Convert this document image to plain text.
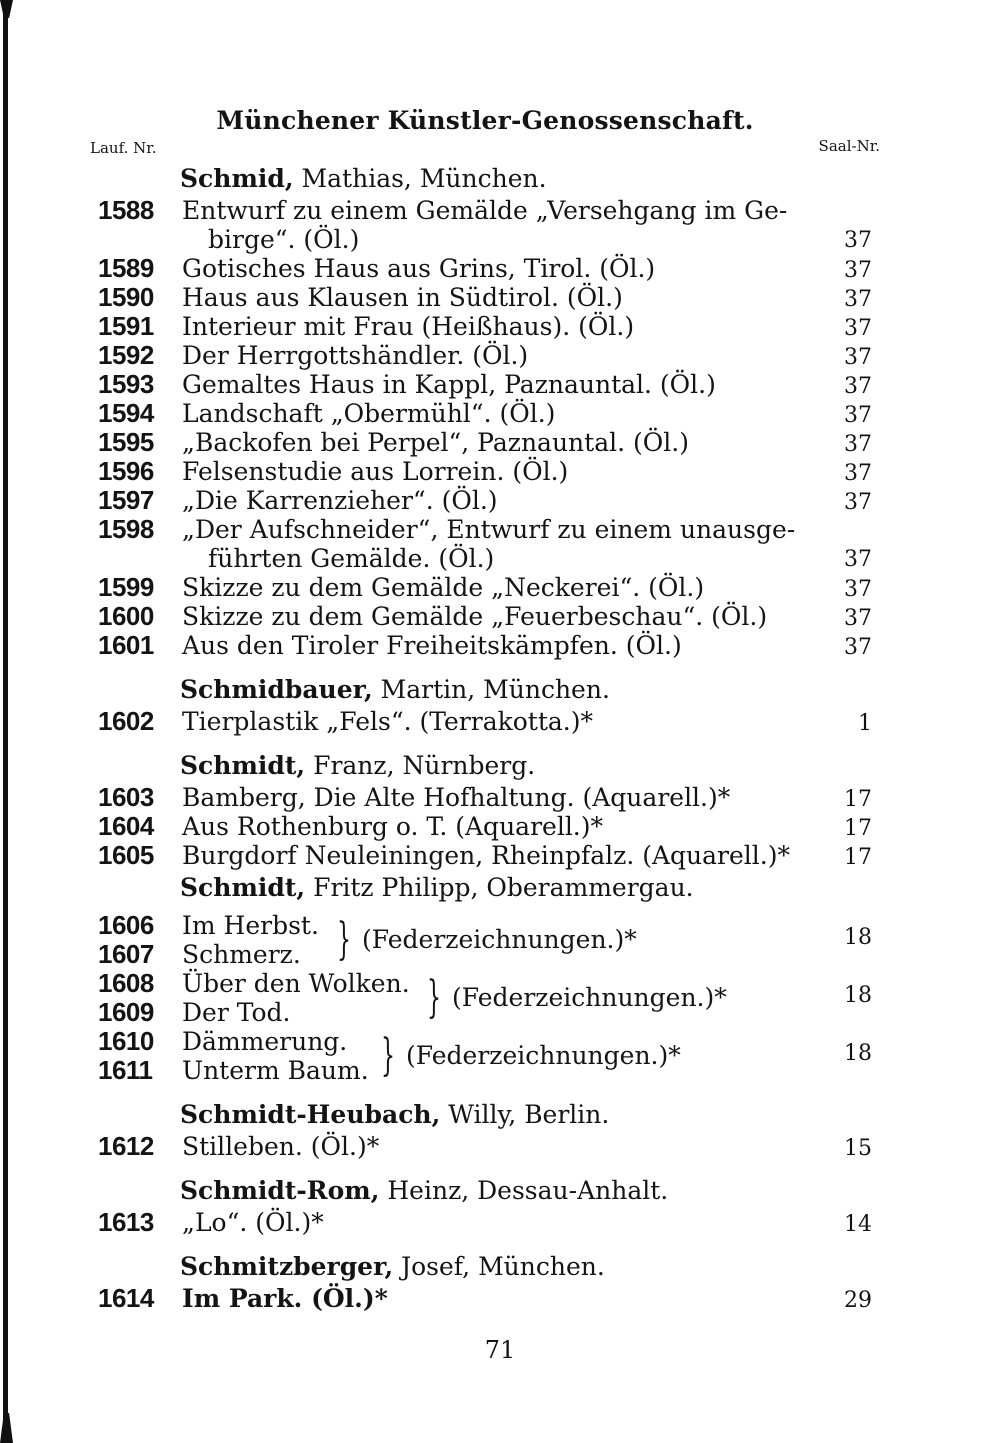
Münchener Künstler-Genossenschaft.
Lauf. Nr.	Saal-Nr.
Schmid, Mathias, München.
1588 Entwurf zu einem Gemälde „Versehgang im Ge-
birge“. (Öl.)	37
1589 Gotisches Haus aus Grins, Tirol. (Öl.)	37
1590 Haus aus Klausen in Südtirol. (Öl.)	37
1591 Interieur mit Frau (Heißhaus). (Öl.)	37
1592 Der Herrgottshändler. (Öl.)	37
1593 Gemaltes Haus in Kappl, Paznauntal. (Öl.)	37
1594 Landschaft „Obermühl“. (Öl.)	37
1595 „Backofen bei Perpel“, Paznauntal. (Öl.)	37
1596 Felsenstudie aus Lorrein. (Öl.)	37
1597 „Die Karrenzieher“. (Öl.)	37
1598 „Der Aufschneider“, Entwurf zu einem unausge-
führten Gemälde. (Öl.)	37
1599 Skizze zu dem Gemälde „Neckerei“. (Öl.)	37
1600 Skizze zu dem Gemälde „Feuerbeschau“. (Öl.)	37
1601 Aus den Tiroler Freiheitskämpfen. (Öl.)	37
Schmidbauer, Martin, München.
1602 Tierplastik „Fels“. (Terrakotta.)*	1
Schmidt, Franz, Nürnberg.
1603 Bamberg, Die Alte Hofhaltung. (Aquarell.)*	17
1604 Aus Rothenburg o. T. (Aquarell.)*	17
1605 Burgdorf Neuleiningen, Rheinpfalz. (Aquarell.)* 17
Schmidt, Fritz Philipp, Oberammergau.
1606 Im Herbst.
1607 Schmerz. } (Federzeichnungen.)*	18
1608 Über den Wolken.
1609 Der Tod.	} (Federzeichnungen.)*	18
1610 Dämmerung.
1611 Unterm Baum. } (Federzeichnungen.)*	18
Schmidt-Heubach, Willy, Berlin.
1612 Stilleben. (Öl.)*	15
Schmidt-Rom, Heinz, Dessau-Anhalt.
1613 „Lo“. (Öl.)*	14
Schmitzberger, Josef, München.
1614 Im Park. (Öl.)*	29
71
